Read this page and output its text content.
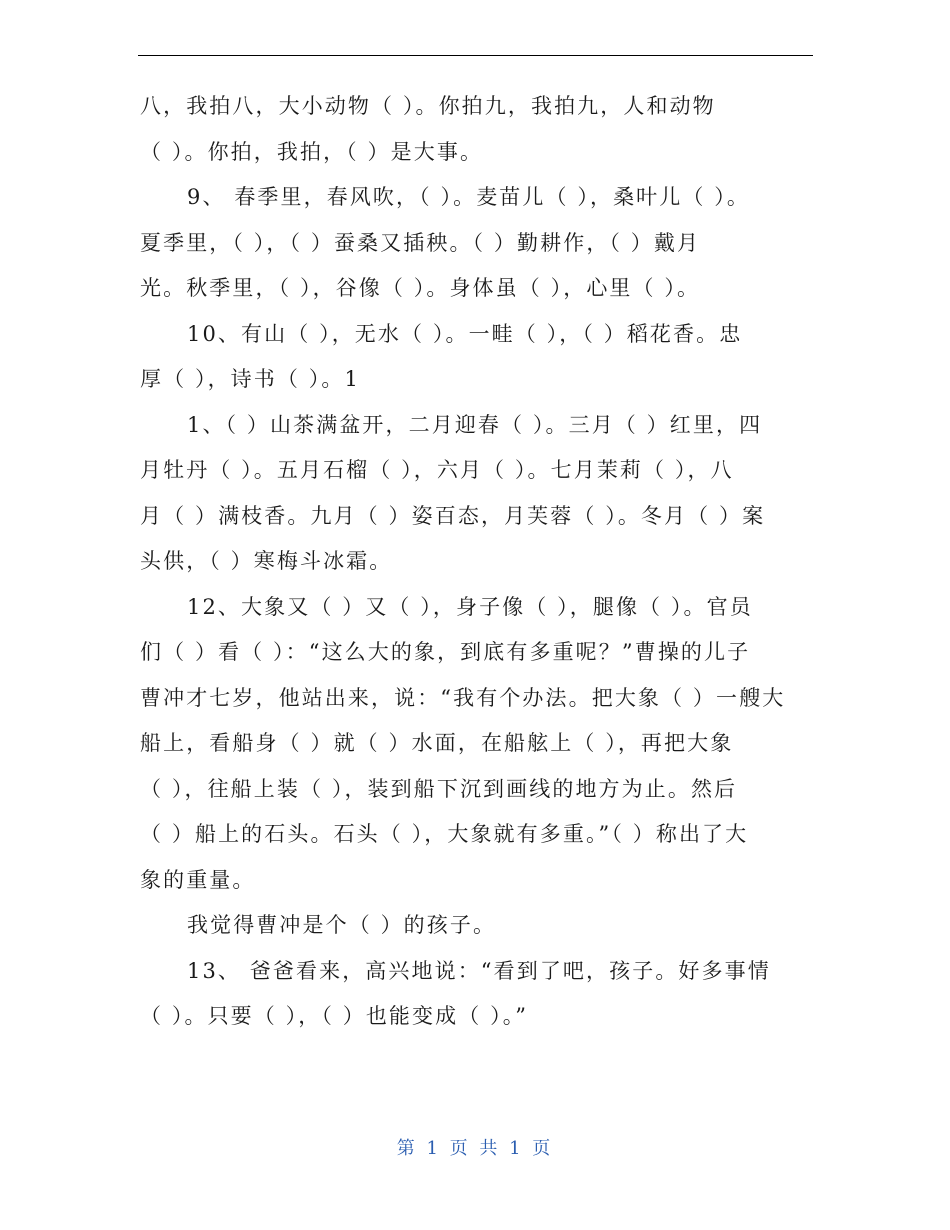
八，我拍八，大小动物（ ）。你拍九，我拍九，人和动物
（ ）。你拍，我拍，（ ）是大事。
9、 春季里，春风吹，（ ）。麦苗儿（ ），桑叶儿（ ）。
夏季里，（ ），（ ）蚕桑又插秧。（ ）勤耕作，（ ）戴月
光。秋季里，（ ），谷像（ ）。身体虽（ ），心里（ ）。
10、有山（ ），无水（ ）。一畦（ ），（ ）稻花香。忠
厚（ ），诗书（ ）。1
1、（ ）山茶满盆开，二月迎春（ ）。三月（ ）红里，四
月牡丹（ ）。五月石榴（ ），六月（ ）。七月茉莉（ ），八
月（ ）满枝香。九月（ ）姿百态，月芙蓉（ ）。冬月（ ）案
头供，（ ）寒梅斗冰霜。
12、大象又（ ）又（ ），身子像（ ），腿像（ ）。官员
们（ ）看（ ）：“这么大的象，到底有多重呢？”曹操的儿子
曹冲才七岁，他站出来，说：“我有个办法。把大象（ ）一艘大
船上，看船身（ ）就（ ）水面，在船舷上（ ），再把大象
（ ），往船上装（ ），装到船下沉到画线的地方为止。然后
（ ）船上的石头。石头（ ），大象就有多重。”（ ）称出了大
象的重量。
我觉得曹冲是个（ ）的孩子。
13、 爸爸看来，高兴地说：“看到了吧，孩子。好多事情
（ ）。只要（ ），（ ）也能变成（ ）。”
第 1 页 共 1 页
